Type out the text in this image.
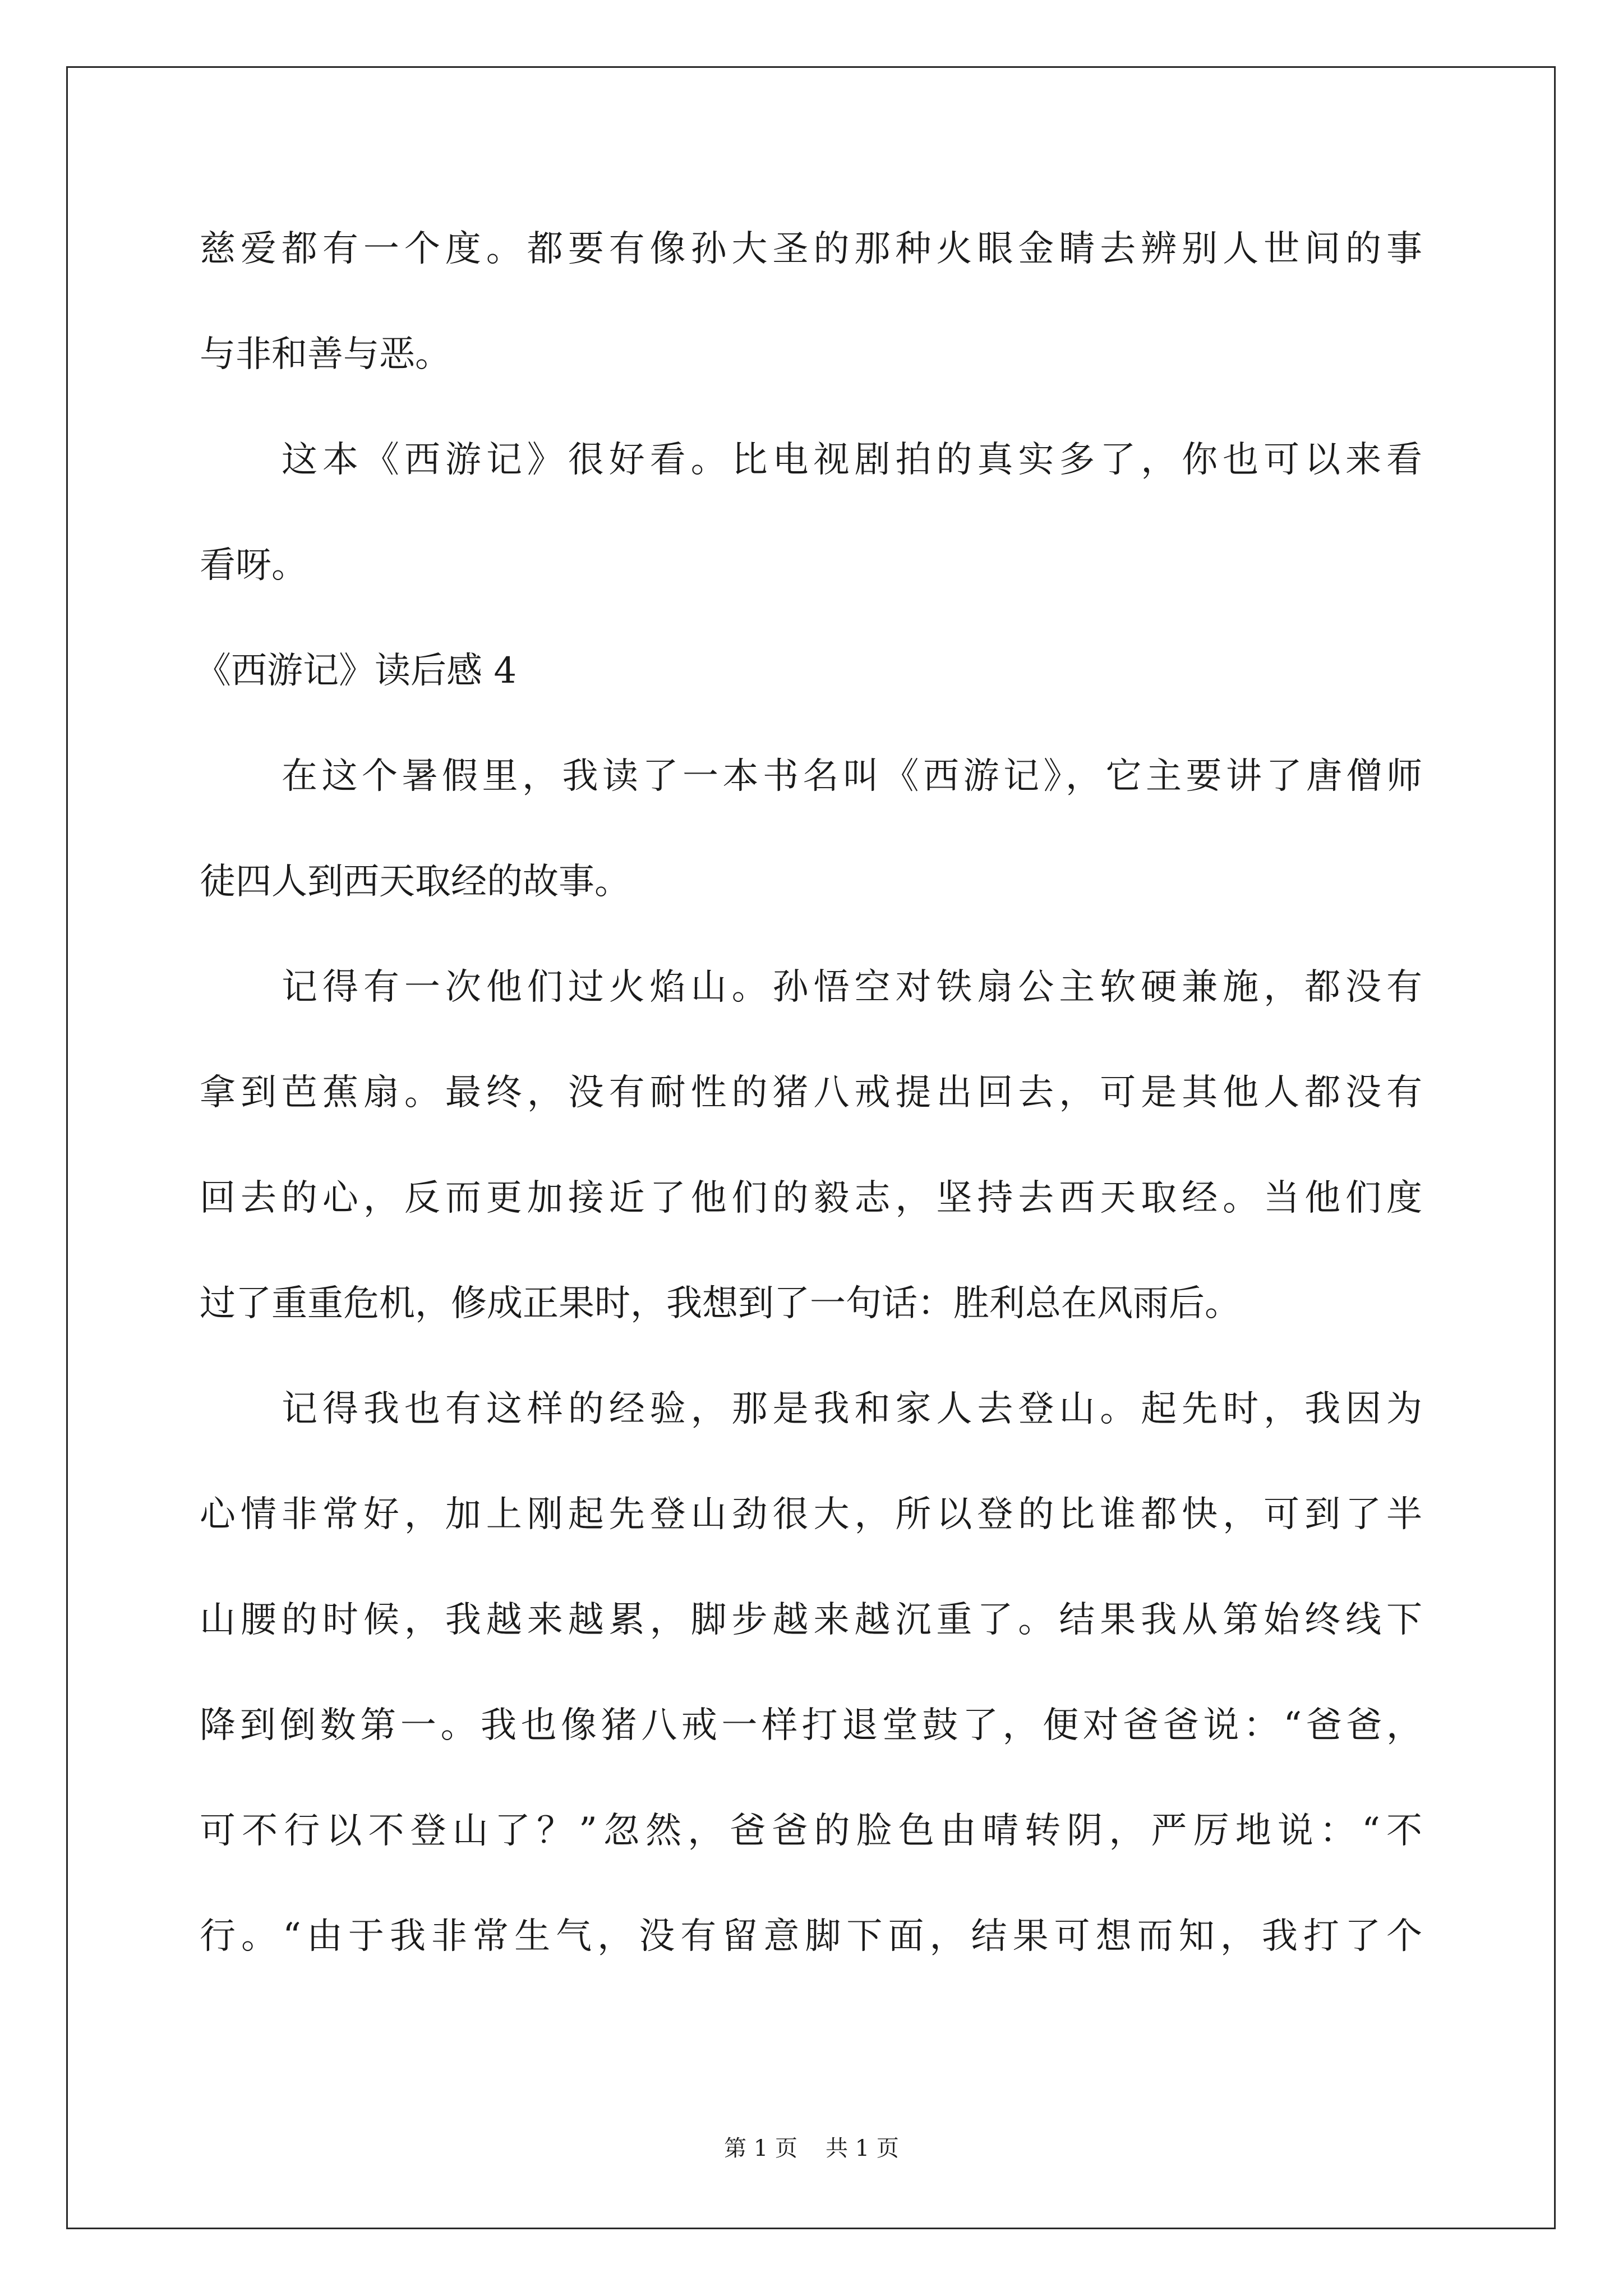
慈爱都有一个度。都要有像孙大圣的那种火眼金睛去辨别人世间的事
与非和善与恶。
这本《西游记》很好看。比电视剧拍的真实多了，你也可以来看
看呀。
《西游记》读后感 4
在这个暑假里，我读了一本书名叫《西游记》，它主要讲了唐僧师
徒四人到西天取经的故事。
记得有一次他们过火焰山。孙悟空对铁扇公主软硬兼施，都没有
拿到芭蕉扇。最终，没有耐性的猪八戒提出回去，可是其他人都没有
回去的心，反而更加接近了他们的毅志，坚持去西天取经。当他们度
过了重重危机，修成正果时，我想到了一句话：胜利总在风雨后。
记得我也有这样的经验，那是我和家人去登山。起先时，我因为
心情非常好，加上刚起先登山劲很大，所以登的比谁都快，可到了半
山腰的时候，我越来越累，脚步越来越沉重了。结果我从第始终线下
降到倒数第一。我也像猪八戒一样打退堂鼓了，便对爸爸说：“爸爸，
可不行以不登山了？”忽然，爸爸的脸色由晴转阴，严厉地说：“不
行。“由于我非常生气，没有留意脚下面，结果可想而知，我打了个
第 1 页 共 1 页
